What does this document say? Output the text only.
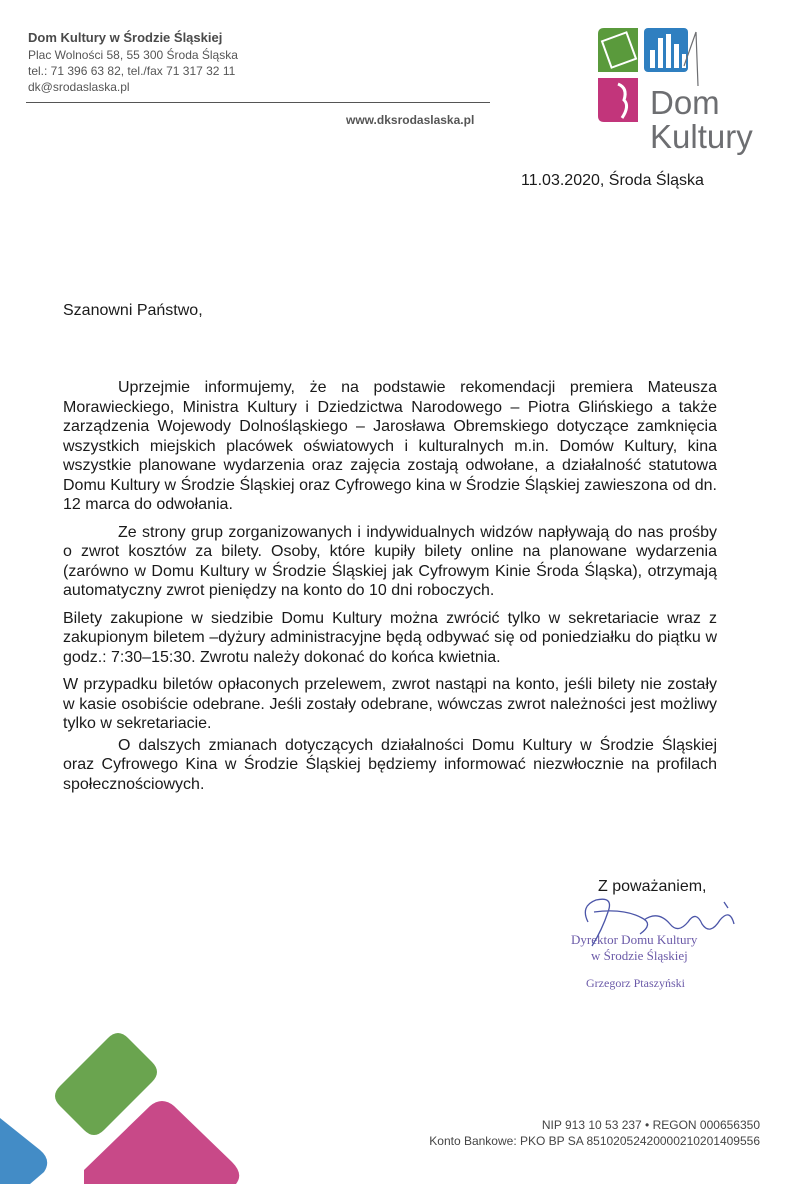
Dom Kultury w Środzie Śląskiej
Plac Wolności 58, 55 300 Środa Śląska
tel.: 71 396 63 82, tel./fax 71 317 32 11
dk@srodaslaska.pl
www.dksrodaslaska.pl	Dom
Kultury
11.03.2020, Środa Śląska
Szanowni Państwo,

Uprzejmie informujemy, że na podstawie rekomendacji premiera Mateusza Morawieckiego, Ministra Kultury i Dziedzictwa Narodowego – Piotra Glińskiego a także zarządzenia Wojewody Dolnośląskiego – Jarosława Obremskiego dotyczące zamknięcia wszystkich miejskich placówek oświatowych i kulturalnych m.in. Domów Kultury, kina wszystkie planowane wydarzenia oraz zajęcia zostają odwołane, a działalność statutowa Domu Kultury w Środzie Śląskiej oraz Cyfrowego kina w Środzie Śląskiej zawieszona od dn. 12 marca do odwołania.

Ze strony grup zorganizowanych i indywidualnych widzów napływają do nas prośby o zwrot kosztów za bilety. Osoby, które kupiły bilety online na planowane wydarzenia (zarówno w Domu Kultury w Środzie Śląskiej jak Cyfrowym Kinie Środa Śląska), otrzymają automatyczny zwrot pieniędzy na konto do 10 dni roboczych.

Bilety zakupione w siedzibie Domu Kultury można zwrócić tylko w sekretariacie wraz z zakupionym biletem –dyżury administracyjne będą odbywać się od poniedziałku do piątku w godz.: 7:30–15:30. Zwrotu należy dokonać do końca kwietnia.

W przypadku biletów opłaconych przelewem, zwrot nastąpi na konto, jeśli bilety nie zostały w kasie osobiście odebrane. Jeśli zostały odebrane, wówczas zwrot należności jest możliwy tylko w sekretariacie.

O dalszych zmianach dotyczących działalności Domu Kultury w Środzie Śląskiej oraz Cyfrowego Kina w Środzie Śląskiej będziemy informować niezwłocznie na profilach społecznościowych.

Z poważaniem,
Dyrektor Domu Kultury
w Środzie Śląskiej
Grzegorz Ptaszyński
NIP 913 10 53 237 • REGON 000656350
Konto Bankowe: PKO BP SA 85102052420000210201409556
